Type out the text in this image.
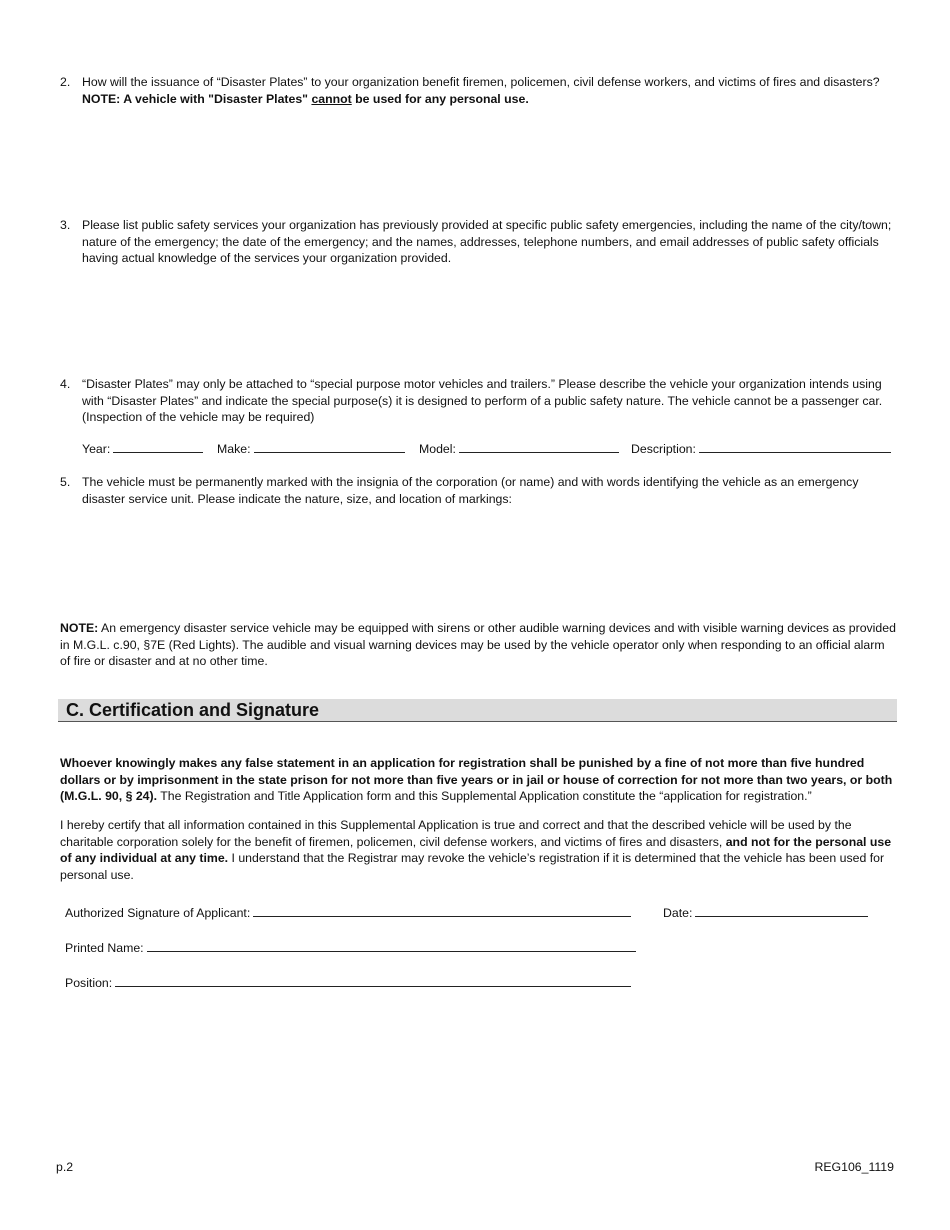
2. How will the issuance of “Disaster Plates” to your organization benefit firemen, policemen, civil defense workers, and victims of fires and disasters?
NOTE: A vehicle with "Disaster Plates" cannot be used for any personal use.
3. Please list public safety services your organization has previously provided at specific public safety emergencies, including the name of the city/town; nature of the emergency; the date of the emergency; and the names, addresses, telephone numbers, and email addresses of public safety officials having actual knowledge of the services your organization provided.
4. “Disaster Plates” may only be attached to “special purpose motor vehicles and trailers.” Please describe the vehicle your organization intends using with “Disaster Plates” and indicate the special purpose(s) it is designed to perform of a public safety nature. The vehicle cannot be a passenger car. (Inspection of the vehicle may be required)
Year:	Make:	Model:	Description:
5. The vehicle must be permanently marked with the insignia of the corporation (or name) and with words identifying the vehicle as an emergency disaster service unit. Please indicate the nature, size, and location of markings:
NOTE: An emergency disaster service vehicle may be equipped with sirens or other audible warning devices and with visible warning devices as provided in M.G.L. c.90, §7E (Red Lights). The audible and visual warning devices may be used by the vehicle operator only when responding to an official alarm of fire or disaster and at no other time.
C. Certification and Signature
Whoever knowingly makes any false statement in an application for registration shall be punished by a fine of not more than five hundred dollars or by imprisonment in the state prison for not more than five years or in jail or house of correction for not more than two years, or both (M.G.L. 90, § 24). The Registration and Title Application form and this Supplemental Application constitute the “application for registration.”
I hereby certify that all information contained in this Supplemental Application is true and correct and that the described vehicle will be used by the charitable corporation solely for the benefit of firemen, policemen, civil defense workers, and victims of fires and disasters, and not for the personal use of any individual at any time. I understand that the Registrar may revoke the vehicle’s registration if it is determined that the vehicle has been used for personal use.
Authorized Signature of Applicant:	Date:
Printed Name:
Position:
p.2	REG106_1119
